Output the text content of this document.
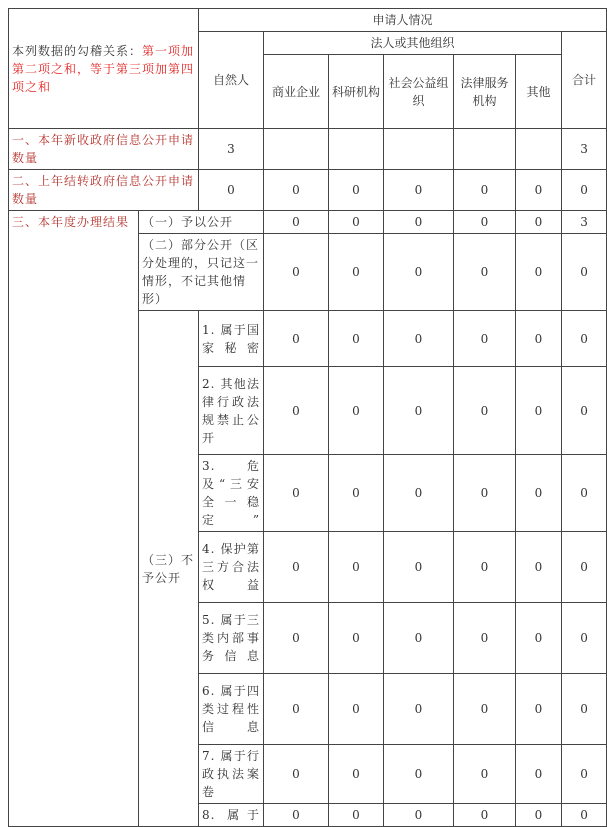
本列数据的勾稽关系：第一项加第二项之和，等于第三项加第四项之和		申请人情况						
		自然人	法人或其他组织					合计
			商业企业	科研机构	社会公益组织	法律服务机构	其他	
一、本年新收政府信息公开申请数量		3						3
二、上年结转政府信息公开申请数量		0	0	0	0	0	0	0
三、本年度办理结果	（一）予以公开		0	0	0	0	0	3
	（二）部分公开（区分处理的，只记这一情形，不记其他情形）		0	0	0	0	0	0
	（三）不予公开	1. 属于国家秘密	0	0	0	0	0	0
		2. 其他法律行政法规禁止公开	0	0	0	0	0	0
		3. 危及“三安全一稳定”	0	0	0	0	0	0
		4. 保护第三方合法权益	0	0	0	0	0	0
		5. 属于三类内部事务信息	0	0	0	0	0	0
		6. 属于四类过程性信息	0	0	0	0	0	0
		7. 属于行政执法案卷	0	0	0	0	0	0
		8. 属于	0	0	0	0	0	0
